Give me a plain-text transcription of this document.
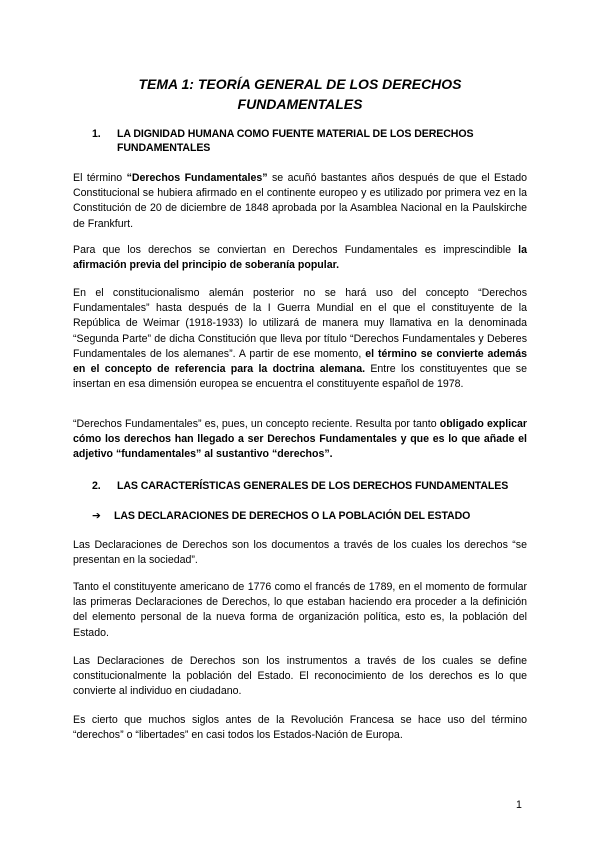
TEMA 1: TEORÍA GENERAL DE LOS DERECHOS
FUNDAMENTALES
1. LA DIGNIDAD HUMANA COMO FUENTE MATERIAL DE LOS DERECHOS
FUNDAMENTALES

El término “Derechos Fundamentales” se acuñó bastantes años después de que el Estado Constitucional se hubiera afirmado en el continente europeo y es utilizado por primera vez en la Constitución de 20 de diciembre de 1848 aprobada por la Asamblea Nacional en la Paulskirche de Frankfurt.

Para que los derechos se conviertan en Derechos Fundamentales es imprescindible la afirmación previa del principio de soberanía popular.

En el constitucionalismo alemán posterior no se hará uso del concepto “Derechos Fundamentales” hasta después de la I Guerra Mundial en el que el constituyente de la República de Weimar (1918-1933) lo utilizará de manera muy llamativa en la denominada “Segunda Parte” de dicha Constitución que lleva por título “Derechos Fundamentales y Deberes Fundamentales de los alemanes”. A partir de ese momento, el término se convierte además en el concepto de referencia para la doctrina alemana. Entre los constituyentes que se insertan en esa dimensión europea se encuentra el constituyente español de 1978.

“Derechos Fundamentales” es, pues, un concepto reciente. Resulta por tanto obligado explicar cómo los derechos han llegado a ser Derechos Fundamentales y que es lo que añade el adjetivo “fundamentales” al sustantivo “derechos”.

2. LAS CARACTERÍSTICAS GENERALES DE LOS DERECHOS FUNDAMENTALES
➔ LAS DECLARACIONES DE DERECHOS O LA POBLACIÓN DEL ESTADO

Las Declaraciones de Derechos son los documentos a través de los cuales los derechos “se presentan en la sociedad”.

Tanto el constituyente americano de 1776 como el francés de 1789, en el momento de formular las primeras Declaraciones de Derechos, lo que estaban haciendo era proceder a la definición del elemento personal de la nueva forma de organización política, esto es, la población del Estado.

Las Declaraciones de Derechos son los instrumentos a través de los cuales se define constitucionalmente la población del Estado. El reconocimiento de los derechos es lo que convierte al individuo en ciudadano.

Es cierto que muchos siglos antes de la Revolución Francesa se hace uso del término “derechos” o “libertades” en casi todos los Estados-Nación de Europa.

1
